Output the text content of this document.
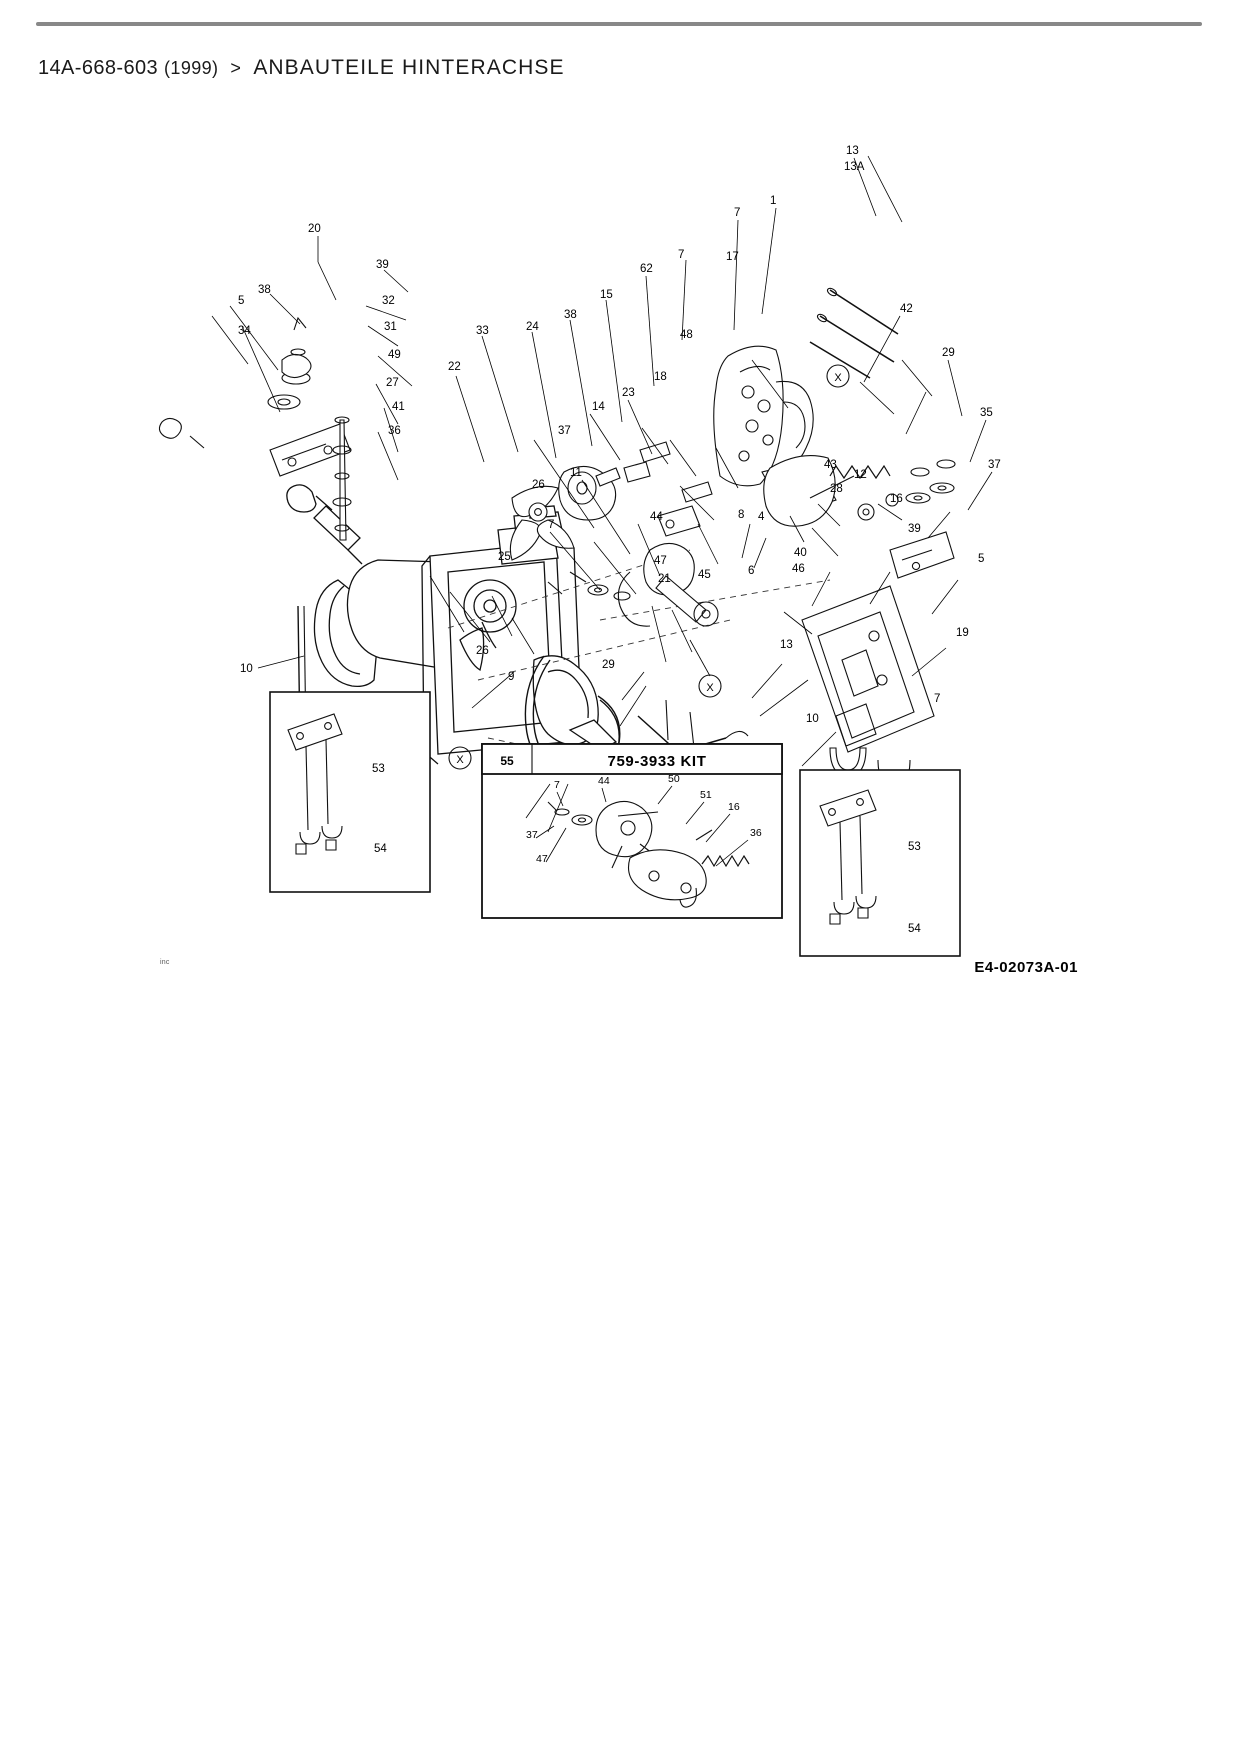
14A-668-603 (1999) > ANBAUTEILE HINTERACHSE
X
X
X	55	759-3933 KIT
7	44	50
51
16
37
47
36
38
20
39
32
31
49
27
41
36
34
5
22
33	24
38
15
62
7
7
1
13
13A
17
48
42
29
35
37
23
18
14
4
8
6
37
7
11
26
44
47
40
43
28
12
16
39
5
46
19
13
7
10
10
25
9
26
29
21 45
53
54	53
54
E4-02073A-01
inc
